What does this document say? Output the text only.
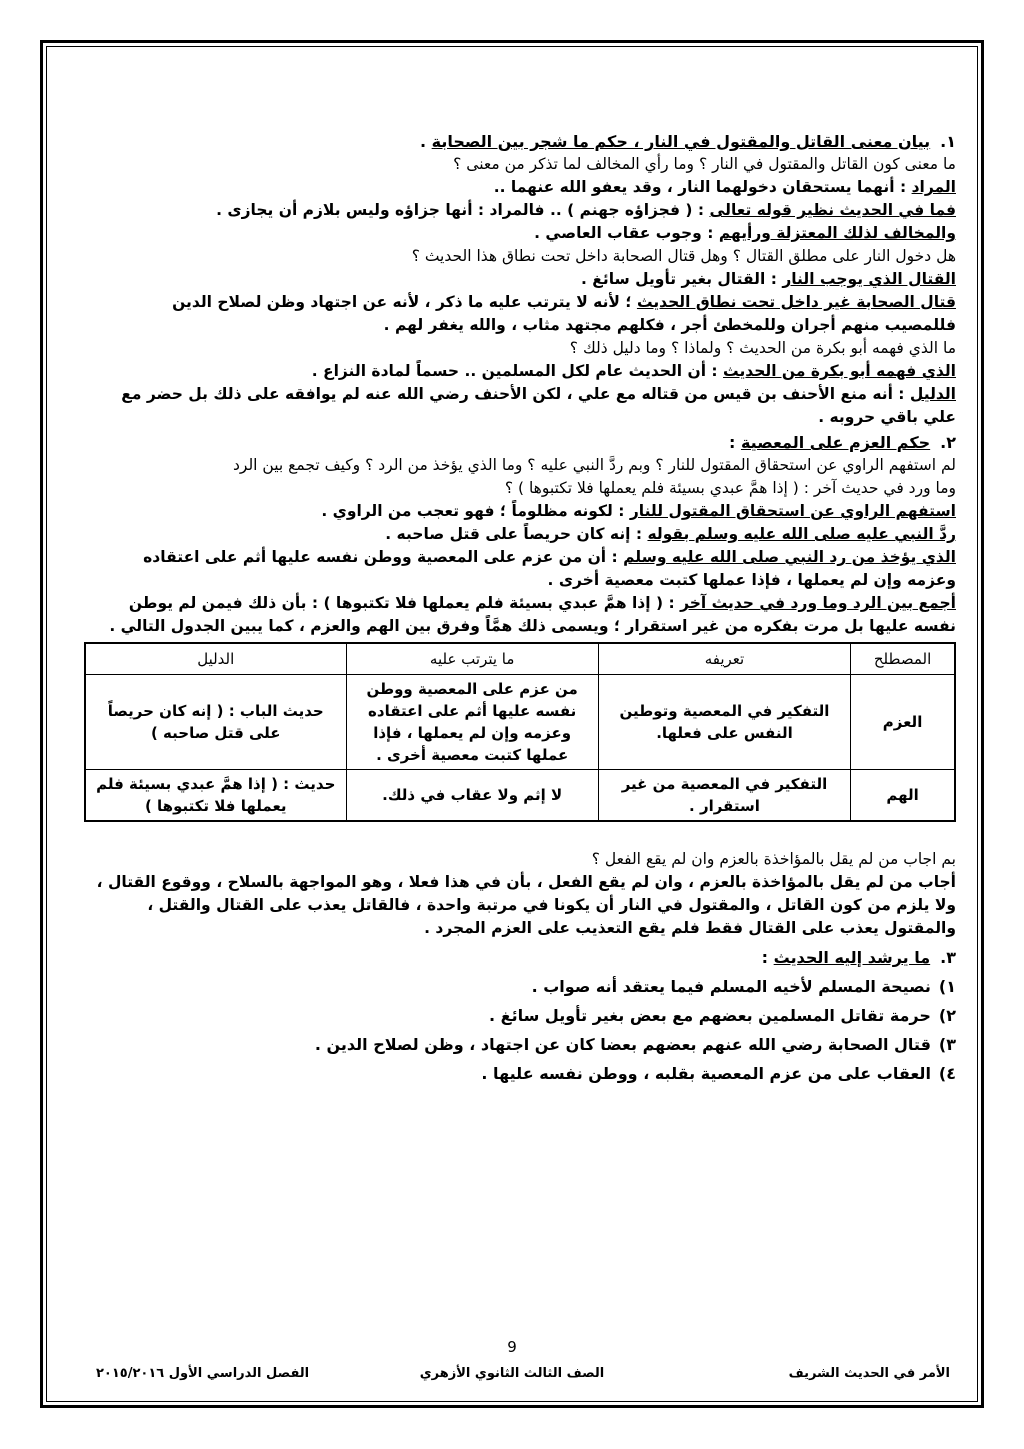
١.بيان معنى القاتل والمقتول في النار ، حكم ما شجر بين الصحابة .
ما معنى كون القاتل والمقتول في النار ؟ وما رأي المخالف لما تذكر من معنى ؟
المراد : أنهما يستحقان دخولهما النار ، وقد يعفو الله عنهما ..
فما في الحديث نظير قوله تعالى : ( فجزاؤه جهنم ) .. فالمراد : أنها جزاؤه وليس بلازم أن يجازى .
والمخالف لذلك المعتزلة ورأيهم : وجوب عقاب العاصي .
هل دخول النار على مطلق القتال ؟ وهل قتال الصحابة داخل تحت نطاق هذا الحديث ؟
القتال الذي يوجب النار : القتال بغير تأويل سائغ .
قتال الصحابة غير داخل تحت نطاق الحديث ؛ لأنه لا يترتب عليه ما ذكر ، لأنه عن اجتهاد وظن لصلاح الدين
فللمصيب منهم أجران وللمخطئ أجر ، فكلهم مجتهد مثاب ، والله يغفر لهم .
ما الذي فهمه أبو بكرة من الحديث ؟ ولماذا ؟ وما دليل ذلك ؟
الذي فهمه أبو بكرة من الحديث : أن الحديث عام لكل المسلمين .. حسماً لمادة النزاع .
الدليل : أنه منع الأحنف بن قيس من قتاله مع علي ، لكن الأحنف رضي الله عنه لم يوافقه على ذلك بل حضر مع
علي باقي حروبه .
٢.حكم العزم على المعصية :
لم استفهم الراوي عن استحقاق المقتول للنار ؟ وبم ردَّ النبي عليه ؟ وما الذي يؤخذ من الرد ؟ وكيف تجمع بين الرد
وما ورد في حديث آخر : ( إذا همَّ عبدي بسيئة فلم يعملها فلا تكتبوها ) ؟
استفهم الراوي عن استحقاق المقتول للنار : لكونه مظلوماً ؛ فهو تعجب من الراوي .
ردَّ النبي عليه صلى الله عليه وسلم بقوله : إنه كان حريصاً على قتل صاحبه .
الذي يؤخذ من رد النبي صلى الله عليه وسلم : أن من عزم على المعصية ووطن نفسه عليها أثم على اعتقاده
وعزمه وإن لم يعملها ، فإذا عملها كتبت معصية أخرى .
أجمع بين الرد وما ورد في حديث آخر : ( إذا همَّ عبدي بسيئة فلم يعملها فلا تكتبوها ) : بأن ذلك فيمن لم يوطن
نفسه عليها بل مرت بفكره من غير استقرار ؛ ويسمى ذلك همَّاً وفرق بين الهم والعزم ، كما يبين الجدول التالي .
المصطلح	تعريفه	ما يترتب عليه	الدليل
العزم	التفكير في المعصية وتوطين النفس على فعلها.	من عزم على المعصية ووطن نفسه عليها أثم على اعتقاده وعزمه وإن لم يعملها ، فإذا عملها كتبت معصية أخرى .	حديث الباب : ( إنه كان حريصاً على قتل صاحبه )
الهم	التفكير في المعصية من غير استقرار .	لا إثم ولا عقاب في ذلك.	حديث : ( إذا همَّ عبدي بسيئة فلم يعملها فلا تكتبوها )
بم اجاب من لم يقل بالمؤاخذة بالعزم وان لم يقع الفعل ؟
أجاب من لم يقل بالمؤاخذة بالعزم ، وان لم يقع الفعل ، بأن في هذا فعلا ، وهو المواجهة بالسلاح ، ووقوع القتال ،
ولا يلزم من كون القاتل ، والمقتول في النار أن يكونا في مرتبة واحدة ، فالقاتل يعذب على القتال والقتل ،
والمقتول يعذب على القتال فقط فلم يقع التعذيب على العزم المجرد .
٣.ما يرشد إليه الحديث :
١)نصيحة المسلم لأخيه المسلم فيما يعتقد أنه صواب .
٢)حرمة تقاتل المسلمين بعضهم مع بعض بغير تأويل سائغ .
٣)قتال الصحابة رضي الله عنهم بعضهم بعضا كان عن اجتهاد ، وظن لصلاح الدين .
٤)العقاب على من عزم المعصية بقلبه ، ووطن نفسه عليها .
9
الأمر في الحديث الشريف
الصف الثالث الثانوي الأزهري
الفصل الدراسي الأول ٢٠١٥/٢٠١٦
